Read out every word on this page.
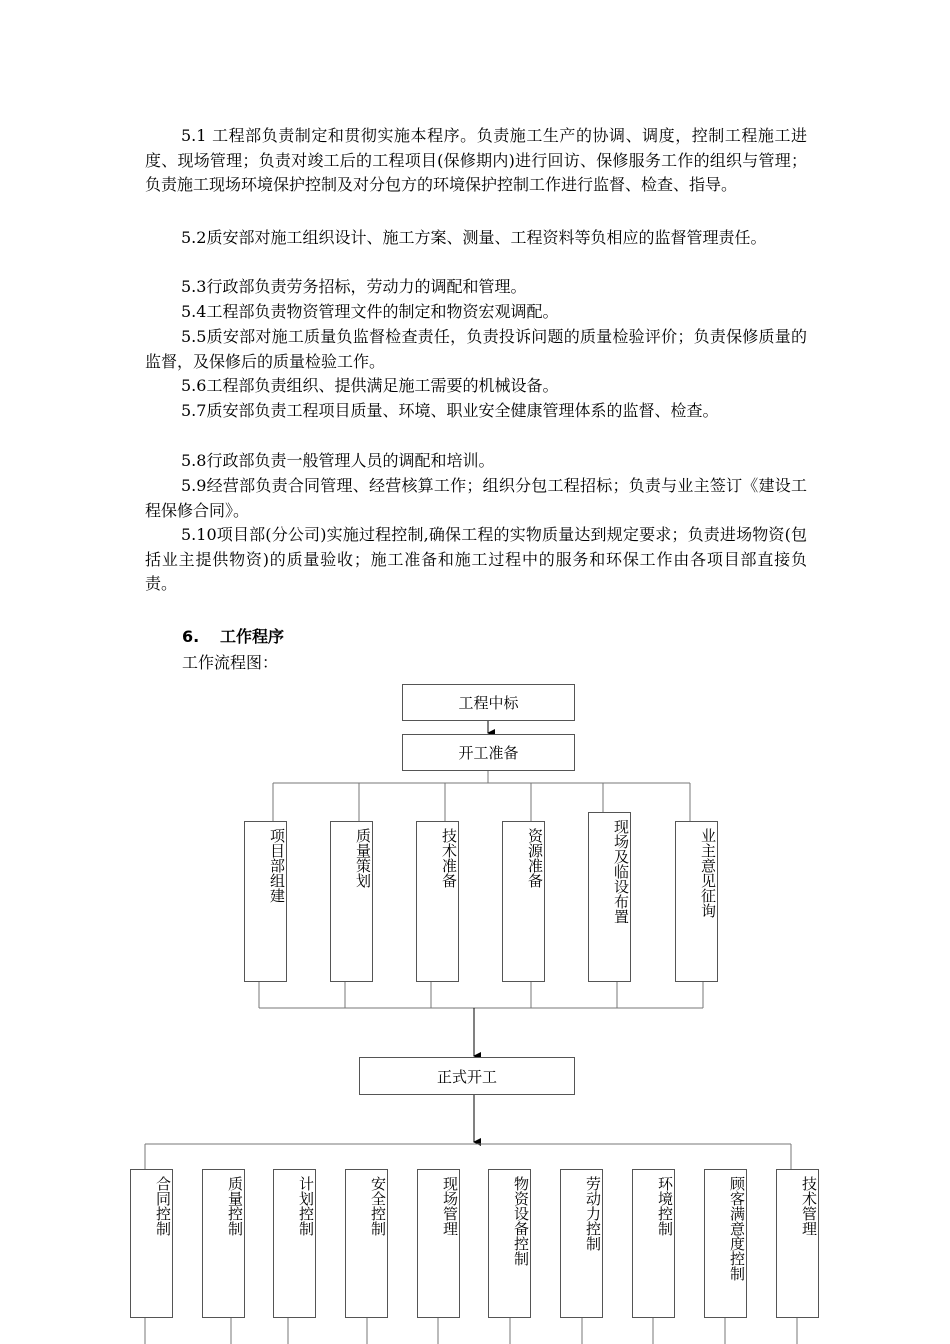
5.1 工程部负责制定和贯彻实施本程序。负责施工生产的协调、调度，控制工程施工进度、现场管理；负责对竣工后的工程项目(保修期内)进行回访、保修服务工作的组织与管理；负责施工现场环境保护控制及对分包方的环境保护控制工作进行监督、检查、指导。

5.2质安部对施工组织设计、施工方案、测量、工程资料等负相应的监督管理责任。

5.3行政部负责劳务招标，劳动力的调配和管理。

5.4工程部负责物资管理文件的制定和物资宏观调配。

5.5质安部对施工质量负监督检查责任，负责投诉问题的质量检验评价；负责保修质量的监督，及保修后的质量检验工作。

5.6工程部负责组织、提供满足施工需要的机械设备。

5.7质安部负责工程项目质量、环境、职业安全健康管理体系的监督、检查。

5.8行政部负责一般管理人员的调配和培训。

5.9经营部负责合同管理、经营核算工作；组织分包工程招标；负责与业主签订《建设工程保修合同》。

5.10项目部(分公司)实施过程控制,确保工程的实物质量达到规定要求；负责进场物资(包括业主提供物资)的质量验收；施工准备和施工过程中的服务和环保工作由各项目部直接负责。

6. 工作程序
工作流程图：
工程中标
开工准备
项目部组建	质量策划	技术准备	资源准备	现场及临设布置	业主意见征询
正式开工
合同控制	质量控制	计划控制	安全控制	现场管理	物资设备控制	劳动力控制	环境控制	顾客满意度控制	技术管理
